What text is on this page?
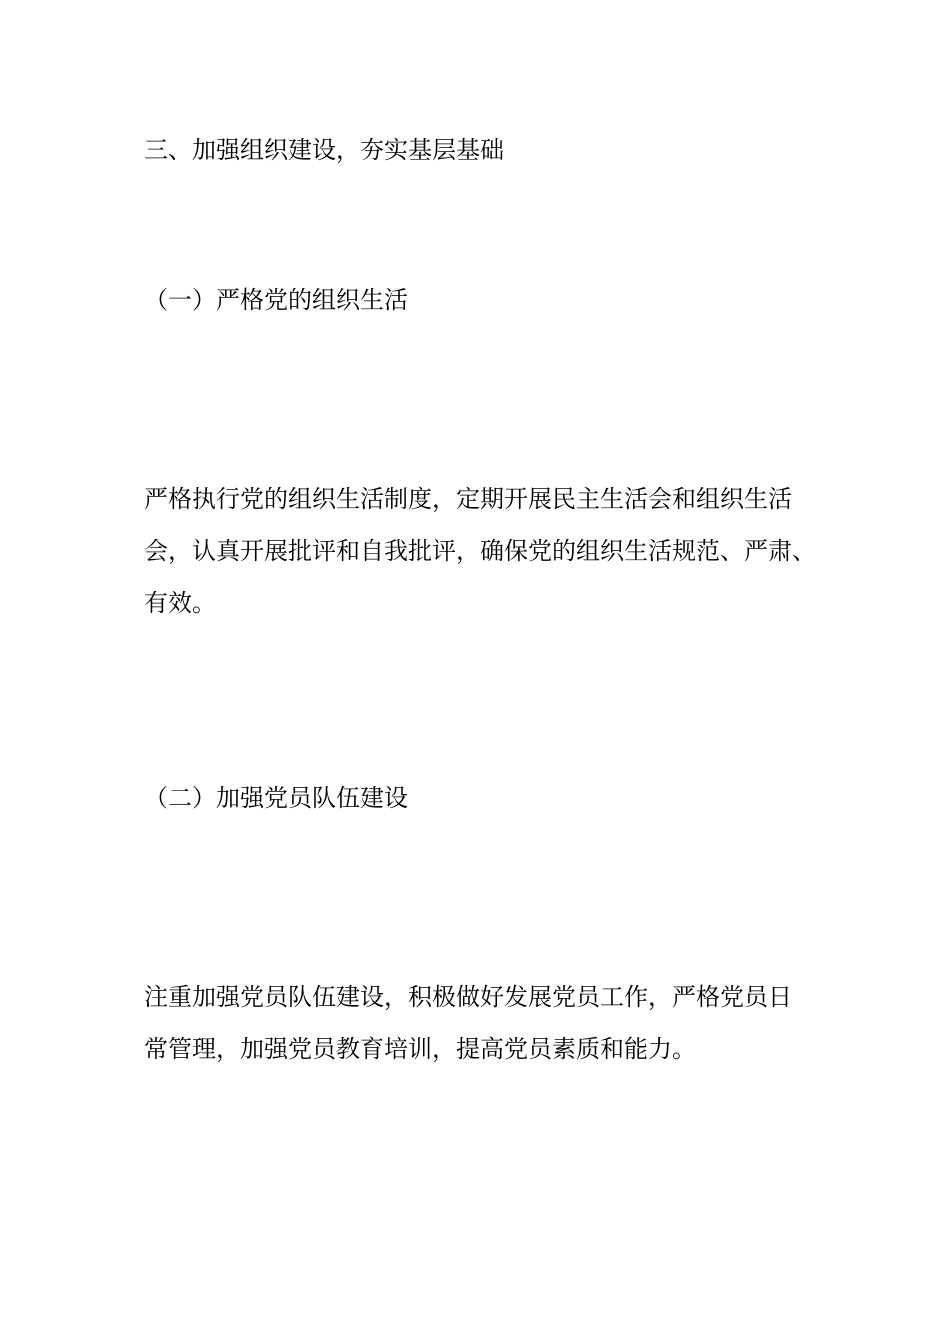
三、加强组织建设，夯实基层基础
（一）严格党的组织生活
严格执行党的组织生活制度，定期开展民主生活会和组织生活
会，认真开展批评和自我批评，确保党的组织生活规范、严肃、
有效。
（二）加强党员队伍建设
注重加强党员队伍建设，积极做好发展党员工作，严格党员日
常管理，加强党员教育培训，提高党员素质和能力。
